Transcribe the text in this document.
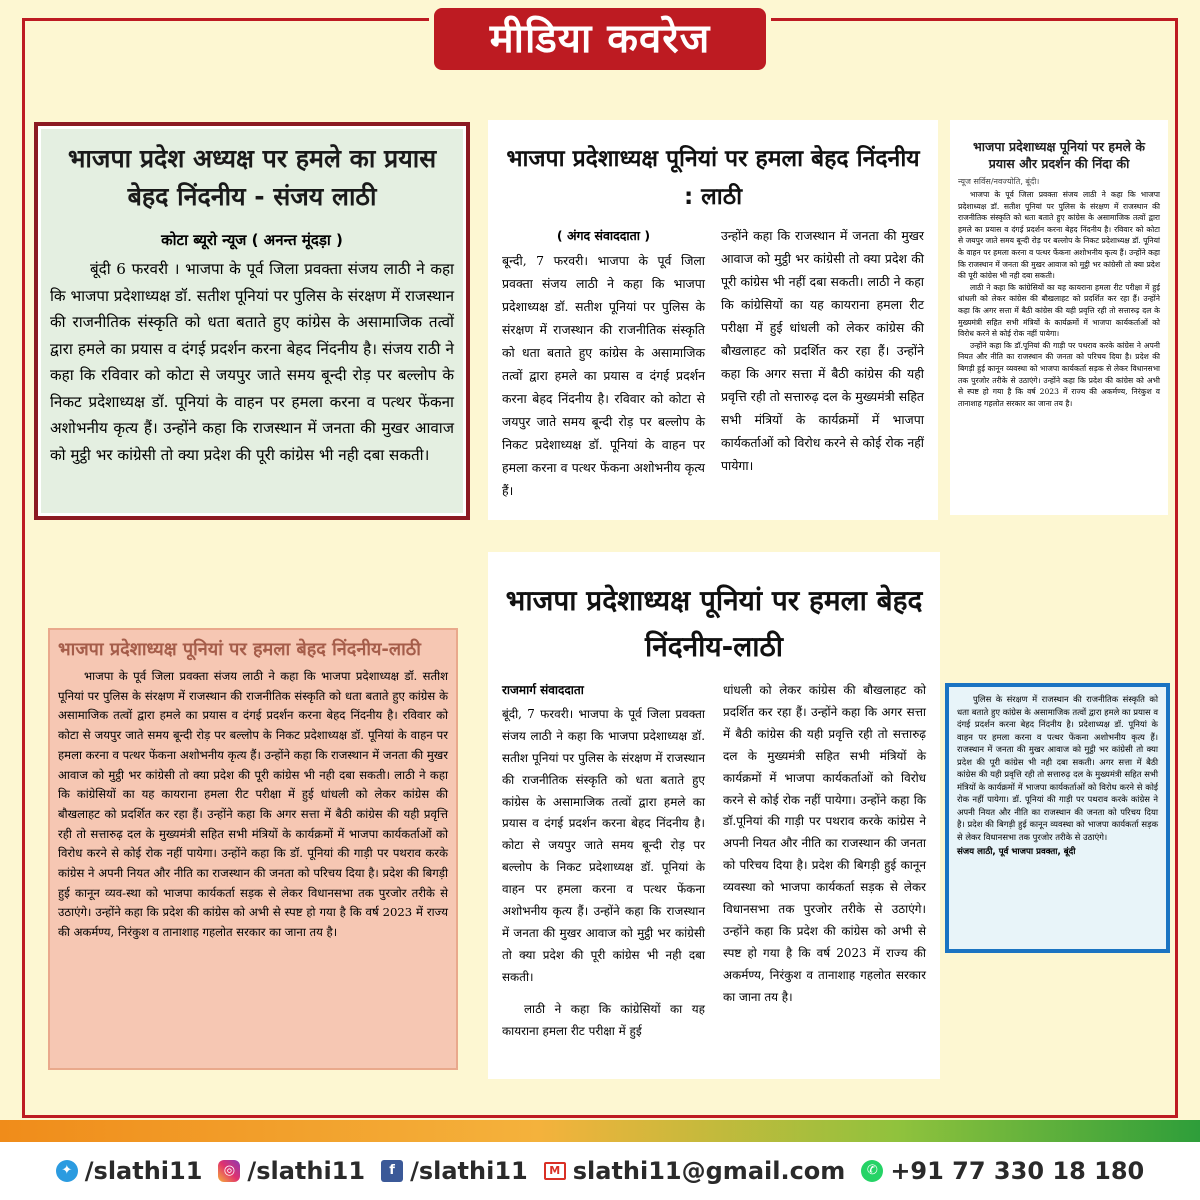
मीडिया कवरेज
भाजपा प्रदेश अध्यक्ष पर हमले का प्रयास बेहद निंदनीय - संजय लाठी
कोटा ब्यूरो न्यूज ( अनन्त मूंदड़ा )

बूंदी 6 फरवरी । भाजपा के पूर्व जिला प्रवक्ता संजय लाठी ने कहा कि भाजपा प्रदेशाध्यक्ष डॉ. सतीश पूनियां पर पुलिस के संरक्षण में राजस्थान की राजनीतिक संस्कृति को धता बताते हुए कांग्रेस के असामाजिक तत्वों द्वारा हमले का प्रयास व दंगई प्रदर्शन करना बेहद निंदनीय है। संजय राठी ने कहा कि रविवार को कोटा से जयपुर जाते समय बून्दी रोड़ पर बल्लोप के निकट प्रदेशाध्यक्ष डॉ. पूनियां के वाहन पर हमला करना व पत्थर फेंकना अशोभनीय कृत्य हैं। उन्होंने कहा कि राजस्थान में जनता की मुखर आवाज को मुट्ठी भर कांग्रेसी तो क्या प्रदेश की पूरी कांग्रेस भी नही दबा सकती।

भाजपा प्रदेशाध्यक्ष पूनियां पर हमला बेहद निंदनीय : लाठी
( अंगद संवाददाता )

बून्दी, 7 फरवरी। भाजपा के पूर्व जिला प्रवक्ता संजय लाठी ने कहा कि भाजपा प्रदेशाध्यक्ष डॉ. सतीश पूनियां पर पुलिस के संरक्षण में राजस्थान की राजनीतिक संस्कृति को धता बताते हुए कांग्रेस के असामाजिक तत्वों द्वारा हमले का प्रयास व दंगई प्रदर्शन करना बेहद निंदनीय है। रविवार को कोटा से जयपुर जाते समय बून्दी रोड़ पर बल्लोप के निकट प्रदेशाध्यक्ष डॉ. पूनियां के वाहन पर हमला करना व पत्थर फेंकना अशोभनीय कृत्य हैं।

उन्होंने कहा कि राजस्थान में जनता की मुखर आवाज को मुट्ठी भर कांग्रेसी तो क्या प्रदेश की पूरी कांग्रेस भी नहीं दबा सकती। लाठी ने कहा कि कांग्रेसियों का यह कायराना हमला रीट परीक्षा में हुई धांधली को लेकर कांग्रेस की बौखलाहट को प्रदर्शित कर रहा हैं। उन्होंने कहा कि अगर सत्ता में बैठी कांग्रेस की यही प्रवृत्ति रही तो सत्तारुढ़ दल के मुख्यमंत्री सहित सभी मंत्रियों के कार्यक्रमों में भाजपा कार्यकर्ताओं को विरोध करने से कोई रोक नहीं पायेगा।

भाजपा प्रदेशाध्यक्ष पूनियां पर हमले के प्रयास और प्रदर्शन की निंदा की
न्यूज सर्विस/नवज्योति, बूंदी।

भाजपा के पूर्व जिला प्रवक्ता संजय लाठी ने कहा कि भाजपा प्रदेशाध्यक्ष डॉ. सतीश पूनियां पर पुलिस के संरक्षण में राजस्थान की राजनीतिक संस्कृति को धता बताते हुए कांग्रेस के असामाजिक तत्वों द्वारा हमले का प्रयास व दंगई प्रदर्शन करना बेहद निंदनीय है। रविवार को कोटा से जयपुर जाते समय बून्दी रोड़ पर बल्लोप के निकट प्रदेशाध्यक्ष डॉ. पूनियां के वाहन पर हमला करना व पत्थर फेंकना अशोभनीय कृत्य हैं। उन्होंने कहा कि राजस्थान में जनता की मुखर आवाज को मुट्ठी भर कांग्रेसी तो क्या प्रदेश की पूरी कांग्रेस भी नही दबा सकती।

लाठी ने कहा कि कांग्रेसियों का यह कायराना हमला रीट परीक्षा में हुई धांधली को लेकर कांग्रेस की बौखलाहट को प्रदर्शित कर रहा हैं। उन्होंने कहा कि अगर सत्ता में बैठी कांग्रेस की यही प्रवृत्ति रही तो सत्तारुढ़ दल के मुख्यमंत्री सहित सभी मंत्रियों के कार्यक्रमों में भाजपा कार्यकर्ताओं को विरोध करने से कोई रोक नहीं पायेगा।

उन्होंने कहा कि डॉ.पूनियां की गाड़ी पर पथराव करके कांग्रेस ने अपनी नियत और नीति का राजस्थान की जनता को परिचय दिया है। प्रदेश की बिगड़ी हुई कानून व्यवस्था को भाजपा कार्यकर्ता सड़क से लेकर विधानसभा तक पुरजोर तरीके से उठाएंगे। उन्होंने कहा कि प्रदेश की कांग्रेस को अभी से स्पष्ट हो गया है कि वर्ष 2023 में राज्य की अकर्मण्य, निरंकुश व तानाशाह गहलोत सरकार का जाना तय है।

भाजपा प्रदेशाध्यक्ष पूनियां पर हमला बेहद निंदनीय-लाठी

भाजपा के पूर्व जिला प्रवक्ता संजय लाठी ने कहा कि भाजपा प्रदेशाध्यक्ष डॉ. सतीश पूनियां पर पुलिस के संरक्षण में राजस्थान की राजनीतिक संस्कृति को धता बताते हुए कांग्रेस के असामाजिक तत्वों द्वारा हमले का प्रयास व दंगई प्रदर्शन करना बेहद निंदनीय है। रविवार को कोटा से जयपुर जाते समय बून्दी रोड़ पर बल्लोप के निकट प्रदेशाध्यक्ष डॉ. पूनियां के वाहन पर हमला करना व पत्थर फेंकना अशोभनीय कृत्य हैं। उन्होंने कहा कि राजस्थान में जनता की मुखर आवाज को मुट्ठी भर कांग्रेसी तो क्या प्रदेश की पूरी कांग्रेस भी नही दबा सकती। लाठी ने कहा कि कांग्रेसियों का यह कायराना हमला रीट परीक्षा में हुई धांधली को लेकर कांग्रेस की बौखलाहट को प्रदर्शित कर रहा हैं। उन्होंने कहा कि अगर सत्ता में बैठी कांग्रेस की यही प्रवृत्ति रही तो सत्तारुढ़ दल के मुख्यमंत्री सहित सभी मंत्रियों के कार्यक्रमों में भाजपा कार्यकर्ताओं को विरोध करने से कोई रोक नहीं पायेगा। उन्होंने कहा कि डॉ. पूनियां की गाड़ी पर पथराव करके कांग्रेस ने अपनी नियत और नीति का राजस्थान की जनता को परिचय दिया है। प्रदेश की बिगड़ी हुई कानून व्यव-स्था को भाजपा कार्यकर्ता सड़क से लेकर विधानसभा तक पुरजोर तरीके से उठाएंगे। उन्होंने कहा कि प्रदेश की कांग्रेस को अभी से स्पष्ट हो गया है कि वर्ष 2023 में राज्य की अकर्मण्य, निरंकुश व तानाशाह गहलोत सरकार का जाना तय है।

भाजपा प्रदेशाध्यक्ष पूनियां पर हमला बेहद निंदनीय-लाठी
राजमार्ग संवाददाता

बूंदी, 7 फरवरी। भाजपा के पूर्व जिला प्रवक्ता संजय लाठी ने कहा कि भाजपा प्रदेशाध्यक्ष डॉ. सतीश पूनियां पर पुलिस के संरक्षण में राजस्थान की राजनीतिक संस्कृति को धता बताते हुए कांग्रेस के असामाजिक तत्वों द्वारा हमले का प्रयास व दंगई प्रदर्शन करना बेहद निंदनीय है। कोटा से जयपुर जाते समय बून्दी रोड़ पर बल्लोप के निकट प्रदेशाध्यक्ष डॉ. पूनियां के वाहन पर हमला करना व पत्थर फेंकना अशोभनीय कृत्य हैं। उन्होंने कहा कि राजस्थान में जनता की मुखर आवाज को मुट्ठी भर कांग्रेसी तो क्या प्रदेश की पूरी कांग्रेस भी नही दबा सकती।

लाठी ने कहा कि कांग्रेसियों का यह कायराना हमला रीट परीक्षा में हुई

धांधली को लेकर कांग्रेस की बौखलाहट को प्रदर्शित कर रहा हैं। उन्होंने कहा कि अगर सत्ता में बैठी कांग्रेस की यही प्रवृत्ति रही तो सत्तारुढ़ दल के मुख्यमंत्री सहित सभी मंत्रियों के कार्यक्रमों में भाजपा कार्यकर्ताओं को विरोध करने से कोई रोक नहीं पायेगा। उन्होंने कहा कि डॉ.पूनियां की गाड़ी पर पथराव करके कांग्रेस ने अपनी नियत और नीति का राजस्थान की जनता को परिचय दिया है। प्रदेश की बिगड़ी हुई कानून व्यवस्था को भाजपा कार्यकर्ता सड़क से लेकर विधानसभा तक पुरजोर तरीके से उठाएंगे। उन्होंने कहा कि प्रदेश की कांग्रेस को अभी से स्पष्ट हो गया है कि वर्ष 2023 में राज्य की अकर्मण्य, निरंकुश व तानाशाह गहलोत सरकार का जाना तय है।

पुलिस के संरक्षण में राजस्थान की राजनीतिक संस्कृति को धता बताते हुए कांग्रेस के असामाजिक तत्वों द्वारा हमले का प्रयास व दंगई प्रदर्शन करना बेहद निंदनीय है। प्रदेशाध्यक्ष डॉ. पूनियां के वाहन पर हमला करना व पत्थर फेंकना अशोभनीय कृत्य हैं। राजस्थान में जनता की मुखर आवाज को मुट्ठी भर कांग्रेसी तो क्या प्रदेश की पूरी कांग्रेस भी नही दबा सकती। अगर सत्ता में बैठी कांग्रेस की यही प्रवृत्ति रही तो सत्तारुढ़ दल के मुख्यमंत्री सहित सभी मंत्रियों के कार्यक्रमों में भाजपा कार्यकर्ताओं को विरोध करने से कोई रोक नहीं पायेगा। डॉ. पूनियां की गाड़ी पर पथराव करके कांग्रेस ने अपनी नियत और नीति का राजस्थान की जनता को परिचय दिया है। प्रदेश की बिगड़ी हुई कानून व्यवस्था को भाजपा कार्यकर्ता सड़क से लेकर विधानसभा तक पुरजोर तरीके से उठाएंगे।

संजय लाठी, पूर्व भाजपा प्रवक्ता, बूंदी
✦ /slathi11	◎ /slathi11	f /slathi11	M slathi11@gmail.com	✆ +91 77 330 18 180
